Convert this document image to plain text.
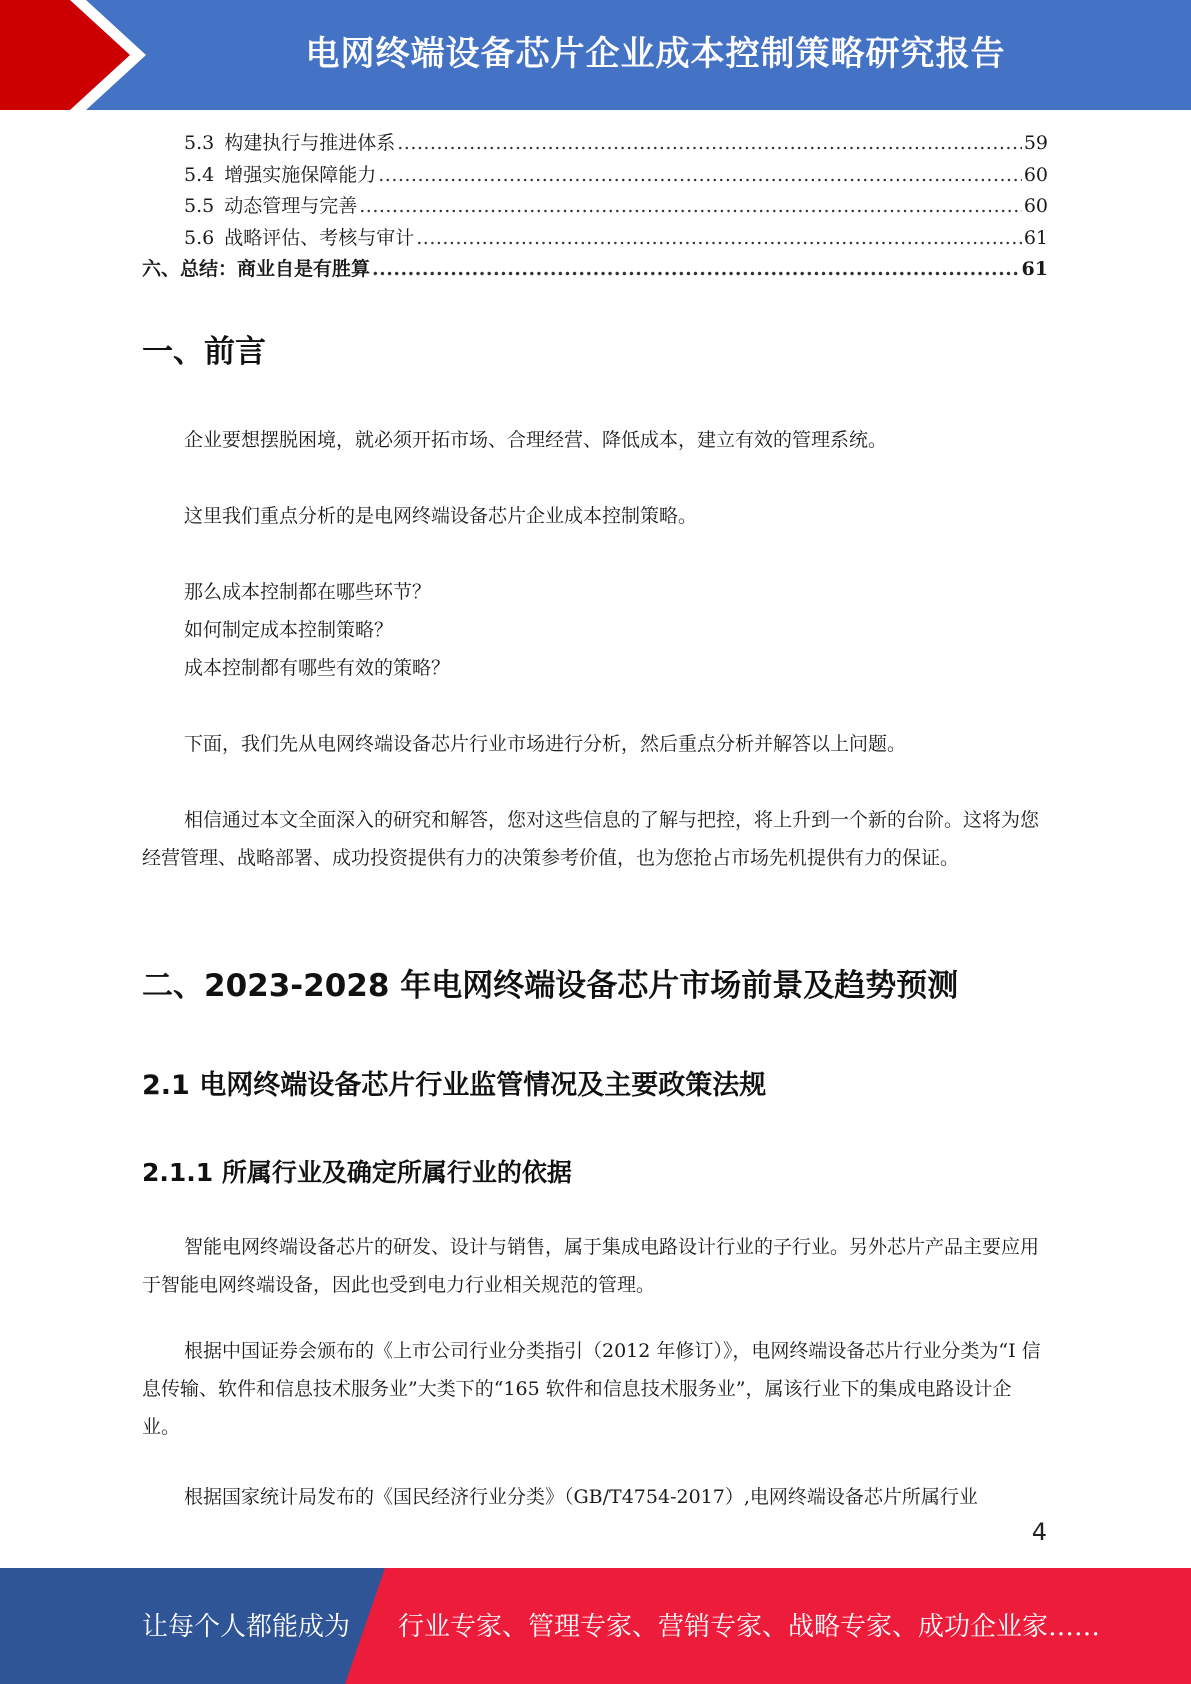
电网终端设备芯片企业成本控制策略研究报告
5.3 构建执行与推进体系 .....	59
5.4 增强实施保障能力 .....	60
5.5 动态管理与完善 .....	60
5.6 战略评估、考核与审计 .....	61
六、总结：商业自是有胜算 .....	61
一、前言

企业要想摆脱困境，就必须开拓市场、合理经营、降低成本，建立有效的管理系统。

这里我们重点分析的是电网终端设备芯片企业成本控制策略。

那么成本控制都在哪些环节？

如何制定成本控制策略？

成本控制都有哪些有效的策略？

下面，我们先从电网终端设备芯片行业市场进行分析，然后重点分析并解答以上问题。

相信通过本文全面深入的研究和解答，您对这些信息的了解与把控，将上升到一个新的台阶。这将为您经营管理、战略部署、成功投资提供有力的决策参考价值，也为您抢占市场先机提供有力的保证。

二、2023-2028 年电网终端设备芯片市场前景及趋势预测
2.1 电网终端设备芯片行业监管情况及主要政策法规
2.1.1 所属行业及确定所属行业的依据

智能电网终端设备芯片的研发、设计与销售，属于集成电路设计行业的子行业。另外芯片产品主要应用于智能电网终端设备，因此也受到电力行业相关规范的管理。

根据中国证券会颁布的《上市公司行业分类指引（2012 年修订）》，电网终端设备芯片行业分类为“I 信息传输、软件和信息技术服务业”大类下的“165 软件和信息技术服务业”，属该行业下的集成电路设计企业。

根据国家统计局发布的《国民经济行业分类》（GB/T4754-2017）,电网终端设备芯片所属行业

4
让每个人都能成为 行业专家、管理专家、营销专家、战略专家、成功企业家……
